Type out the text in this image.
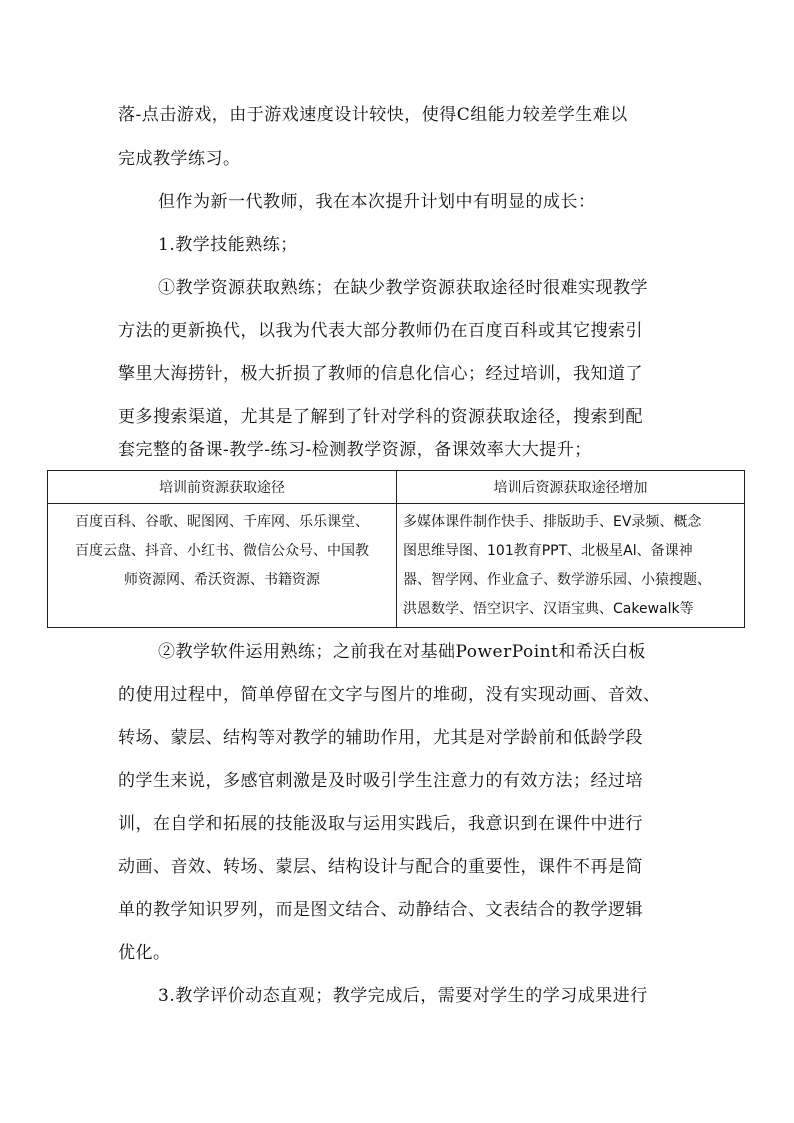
落-点击游戏，由于游戏速度设计较快，使得C组能力较差学生难以
完成教学练习。
但作为新一代教师，我在本次提升计划中有明显的成长：
1.教学技能熟练；
①教学资源获取熟练；在缺少教学资源获取途径时很难实现教学
方法的更新换代，以我为代表大部分教师仍在百度百科或其它搜索引
擎里大海捞针，极大折损了教师的信息化信心；经过培训，我知道了
更多搜索渠道，尤其是了解到了针对学科的资源获取途径，搜索到配
套完整的备课-教学-练习-检测教学资源，备课效率大大提升；
培训前资源获取途径	培训后资源获取途径增加

百度百科、谷歌、昵图网、千库网、乐乐课堂、
百度云盘、抖音、小红书、微信公众号、中国教
师资源网、希沃资源、书籍资源	多媒体课件制作快手、排版助手、EV录频、概念
图思维导图、101教育PPT、北极星Al、备课神
器、智学网、作业盒子、数学游乐园、小猿搜题、
洪恩数学、悟空识字、汉语宝典、Cakewalk等
②教学软件运用熟练；之前我在对基础PowerPoint和希沃白板
的使用过程中，简单停留在文字与图片的堆砌，没有实现动画、音效、
转场、蒙层、结构等对教学的辅助作用，尤其是对学龄前和低龄学段
的学生来说，多感官刺激是及时吸引学生注意力的有效方法；经过培
训，在自学和拓展的技能汲取与运用实践后，我意识到在课件中进行
动画、音效、转场、蒙层、结构设计与配合的重要性，课件不再是简
单的教学知识罗列，而是图文结合、动静结合、文表结合的教学逻辑
优化。
3.教学评价动态直观；教学完成后，需要对学生的学习成果进行
